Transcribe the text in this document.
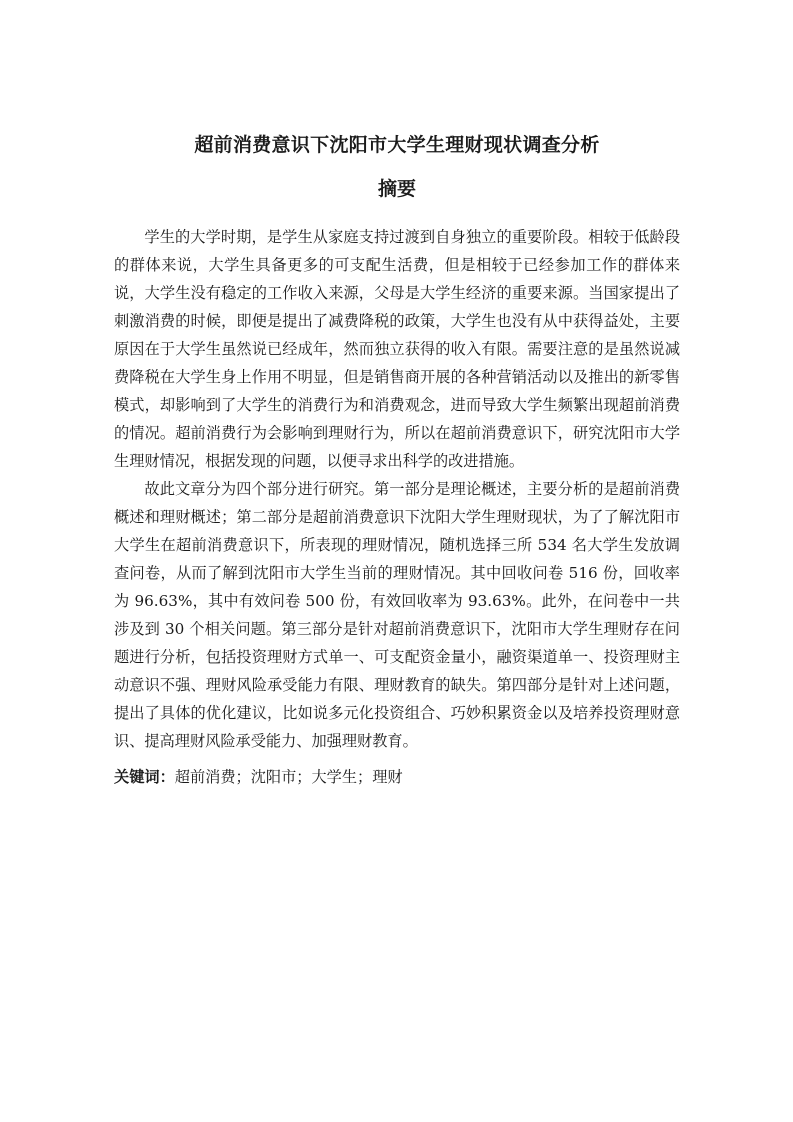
超前消费意识下沈阳市大学生理财现状调查分析
摘要

学生的大学时期，是学生从家庭支持过渡到自身独立的重要阶段。相较于低龄段的群体来说，大学生具备更多的可支配生活费，但是相较于已经参加工作的群体来说，大学生没有稳定的工作收入来源，父母是大学生经济的重要来源。当国家提出了刺激消费的时候，即便是提出了减费降税的政策，大学生也没有从中获得益处，主要原因在于大学生虽然说已经成年，然而独立获得的收入有限。需要注意的是虽然说减费降税在大学生身上作用不明显，但是销售商开展的各种营销活动以及推出的新零售模式，却影响到了大学生的消费行为和消费观念，进而导致大学生频繁出现超前消费的情况。超前消费行为会影响到理财行为，所以在超前消费意识下，研究沈阳市大学生理财情况，根据发现的问题，以便寻求出科学的改进措施。

故此文章分为四个部分进行研究。第一部分是理论概述，主要分析的是超前消费概述和理财概述；第二部分是超前消费意识下沈阳大学生理财现状，为了了解沈阳市大学生在超前消费意识下，所表现的理财情况，随机选择三所 534 名大学生发放调查问卷，从而了解到沈阳市大学生当前的理财情况。其中回收问卷 516 份，回收率为 96.63%，其中有效问卷 500 份，有效回收率为 93.63%。此外，在问卷中一共涉及到 30 个相关问题。第三部分是针对超前消费意识下，沈阳市大学生理财存在问题进行分析，包括投资理财方式单一、可支配资金量小，融资渠道单一、投资理财主动意识不强、理财风险承受能力有限、理财教育的缺失。第四部分是针对上述问题，提出了具体的优化建议，比如说多元化投资组合、巧妙积累资金以及培养投资理财意识、提高理财风险承受能力、加强理财教育。

关键词：超前消费；沈阳市；大学生；理财
